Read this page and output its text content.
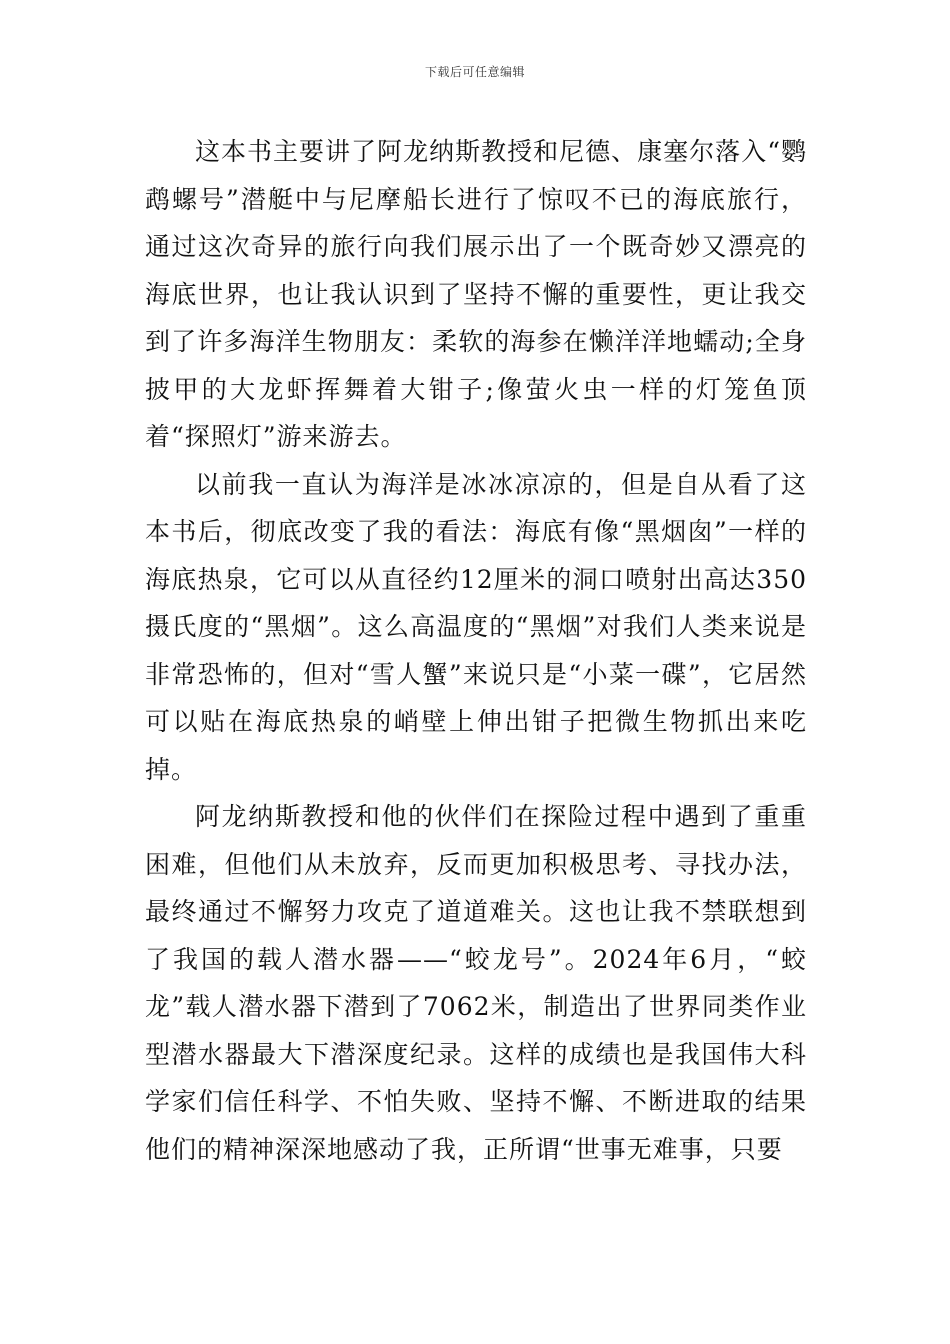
下载后可任意编辑

这本书主要讲了阿龙纳斯教授和尼德、康塞尔落入“鹦鹉螺号”潜艇中与尼摩船长进行了惊叹不已的海底旅行，通过这次奇异的旅行向我们展示出了一个既奇妙又漂亮的海底世界，也让我认识到了坚持不懈的重要性，更让我交到了许多海洋生物朋友：柔软的海参在懒洋洋地蠕动;全身披甲的大龙虾挥舞着大钳子;像萤火虫一样的灯笼鱼顶着“探照灯”游来游去。

以前我一直认为海洋是冰冰凉凉的，但是自从看了这本书后，彻底改变了我的看法：海底有像“黑烟囱”一样的海底热泉，它可以从直径约12厘米的洞口喷射出高达350摄氏度的“黑烟”。这么高温度的“黑烟”对我们人类来说是非常恐怖的，但对“雪人蟹”来说只是“小菜一碟”，它居然可以贴在海底热泉的峭壁上伸出钳子把微生物抓出来吃掉。

阿龙纳斯教授和他的伙伴们在探险过程中遇到了重重困难，但他们从未放弃，反而更加积极思考、寻找办法，最终通过不懈努力攻克了道道难关。这也让我不禁联想到了我国的载人潜水器——“蛟龙号”。2024年6月，“蛟龙”载人潜水器下潜到了7062米，制造出了世界同类作业型潜水器最大下潜深度纪录。这样的成绩也是我国伟大科学家们信任科学、不怕失败、坚持不懈、不断进取的结果他们的精神深深地感动了我，正所谓“世事无难事，只要
